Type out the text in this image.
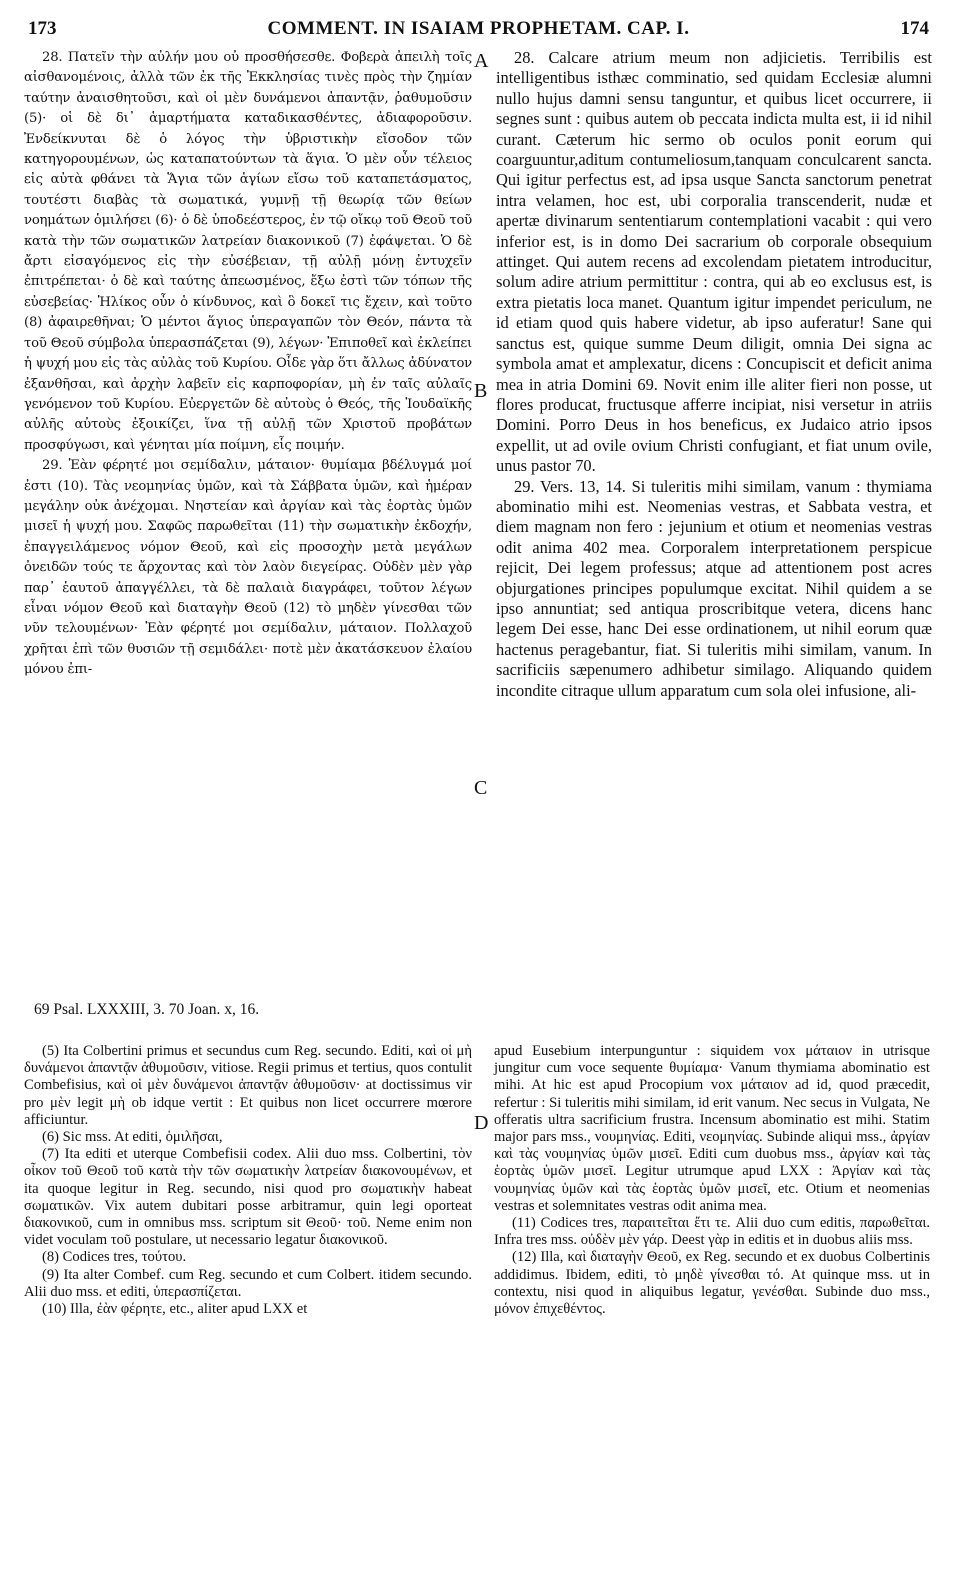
173	COMMENT. IN ISAIAM PROPHETAM. CAP. I.	174

28. Πατεῖν τὴν αὐλήν μου οὐ προσθήσεσθε. Φοβερὰ ἀπειλὴ τοῖς αἰσθανομένοις, ἀλλὰ τῶν ἐκ τῆς Ἐκκλησίας τινὲς πρὸς τὴν ζημίαν ταύτην ἀναισθητοῦσι, καὶ οἱ μὲν δυνάμενοι ἀπαντᾷν, ῥαθυμοῦσιν (5)· οἱ δὲ δι᾽ ἁμαρτήματα καταδικασθέντες, ἀδιαφοροῦσιν. Ἐνδείκνυται δὲ ὁ λόγος τὴν ὑβριστικὴν εἴσοδον τῶν κατηγορουμένων, ὡς καταπατούντων τὰ ἅγια. Ὁ μὲν οὖν τέλειος εἰς αὐτὰ φθάνει τὰ Ἅγια τῶν ἁγίων εἴσω τοῦ καταπετάσματος, τουτέστι διαβὰς τὰ σωματικά, γυμνῇ τῇ θεωρίᾳ τῶν θείων νοημάτων ὁμιλήσει (6)· ὁ δὲ ὑποδεέστερος, ἐν τῷ οἴκῳ τοῦ Θεοῦ τοῦ κατὰ τὴν τῶν σωματικῶν λατρείαν διακονικοῦ (7) ἐφάψεται. Ὁ δὲ ἄρτι εἰσαγόμενος εἰς τὴν εὐσέβειαν, τῇ αὐλῇ μόνῃ ἐντυχεῖν ἐπιτρέπεται· ὁ δὲ καὶ ταύτης ἀπεωσμένος, ἔξω ἐστὶ τῶν τόπων τῆς εὐσεβείας· Ἡλίκος οὖν ὁ κίνδυνος, καὶ ὃ δοκεῖ τις ἔχειν, καὶ τοῦτο (8) ἀφαιρεθῆναι; Ὁ μέντοι ἅγιος ὑπεραγαπῶν τὸν Θεόν, πάντα τὰ τοῦ Θεοῦ σύμβολα ὑπερασπάζεται (9), λέγων· Ἐπιποθεῖ καὶ ἐκλείπει ἡ ψυχή μου εἰς τὰς αὐλὰς τοῦ Κυρίου. Οἶδε γὰρ ὅτι ἄλλως ἀδύνατον ἐξανθῆσαι, καὶ ἀρχὴν λαβεῖν εἰς καρποφορίαν, μὴ ἐν ταῖς αὐλαῖς γενόμενον τοῦ Κυρίου. Εὐεργετῶν δὲ αὐτοὺς ὁ Θεός, τῆς Ἰουδαϊκῆς αὐλῆς αὐτοὺς ἐξοικίζει, ἵνα τῇ αὐλῇ τῶν Χριστοῦ προβάτων προσφύγωσι, καὶ γένηται μία ποίμνη, εἷς ποιμήν.

29. Ἐὰν φέρητέ μοι σεμίδαλιν, μάταιον· θυμίαμα βδέλυγμά μοί ἐστι (10). Τὰς νεομηνίας ὑμῶν, καὶ τὰ Σάββατα ὑμῶν, καὶ ἡμέραν μεγάλην οὐκ ἀνέχομαι. Νηστείαν καὶ ἀργίαν καὶ τὰς ἑορτὰς ὑμῶν μισεῖ ἡ ψυχή μου. Σαφῶς παρωθεῖται (11) τὴν σωματικὴν ἐκδοχήν, ἐπαγγειλάμενος νόμον Θεοῦ, καὶ εἰς προσοχὴν μετὰ μεγάλων ὀνειδῶν τούς τε ἄρχοντας καὶ τὸν λαὸν διεγείρας. Οὐδὲν μὲν γὰρ παρ᾽ ἑαυτοῦ ἀπαγγέλλει, τὰ δὲ παλαιὰ διαγράφει, τοῦτον λέγων εἶναι νόμον Θεοῦ καὶ διαταγὴν Θεοῦ (12) τὸ μηδὲν γίνεσθαι τῶν νῦν τελουμένων· Ἐὰν φέρητέ μοι σεμίδαλιν, μάταιον. Πολλαχοῦ χρῆται ἐπὶ τῶν θυσιῶν τῇ σεμιδάλει· ποτὲ μὲν ἀκατάσκευον ἐλαίου μόνου ἐπι-

A
B
C
D

28. Calcare atrium meum non adjicietis. Terribilis est intelligentibus isthæc comminatio, sed quidam Ecclesiæ alumni nullo hujus damni sensu tanguntur, et quibus licet occurrere, ii segnes sunt : quibus autem ob peccata indicta multa est, ii id nihil curant. Cæterum hic sermo ob oculos ponit eorum qui coarguuntur,aditum contumeliosum,tanquam conculcarent sancta. Qui igitur perfectus est, ad ipsa usque Sancta sanctorum penetrat intra velamen, hoc est, ubi corporalia transcenderit, nudæ et apertæ divinarum sententiarum contemplationi vacabit : qui vero inferior est, is in domo Dei sacrarium ob corporale obsequium attinget. Qui autem recens ad excolendam pietatem introducitur, solum adire atrium permittitur : contra, qui ab eo exclusus est, is extra pietatis loca manet. Quantum igitur impendet periculum, ne id etiam quod quis habere videtur, ab ipso auferatur! Sane qui sanctus est, quique summe Deum diligit, omnia Dei signa ac symbola amat et amplexatur, dicens : Concupiscit et deficit anima mea in atria Domini 69. Novit enim ille aliter fieri non posse, ut flores producat, fructusque afferre incipiat, nisi versetur in atriis Domini. Porro Deus in hos beneficus, ex Judaico atrio ipsos expellit, ut ad ovile ovium Christi confugiant, et fiat unum ovile, unus pastor 70.

29. Vers. 13, 14. Si tuleritis mihi similam, vanum : thymiama abominatio mihi est. Neomenias vestras, et Sabbata vestra, et diem magnam non fero : jejunium et otium et neomenias vestras odit anima 402 mea. Corporalem interpretationem perspicue rejicit, Dei legem professus; atque ad attentionem post acres objurgationes principes populumque excitat. Nihil quidem a se ipso annuntiat; sed antiqua proscribitque vetera, dicens hanc legem Dei esse, hanc Dei esse ordinationem, ut nihil eorum quæ hactenus peragebantur, fiat. Si tuleritis mihi similam, vanum. In sacrificiis sæpenumero adhibetur similago. Aliquando quidem incondite citraque ullum apparatum cum sola olei infusione, ali-

69 Psal. LXXXIII, 3. 70 Joan. x, 16.

(5) Ita Colbertini primus et secundus cum Reg. secundo. Editi, καὶ οἱ μὴ δυνάμενοι ἀπαντᾷν ἀθυμοῦσιν, vitiose. Regii primus et tertius, quos contulit Combefisius, καὶ οἱ μὲν δυνάμενοι ἀπαντᾷν ἀθυμοῦσιν· at doctissimus vir pro μὲν legit μὴ ob idque vertit : Et quibus non licet occurrere mœrore afficiuntur.

(6) Sic mss. At editi, ὁμιλῆσαι,

(7) Ita editi et uterque Combefisii codex. Alii duo mss. Colbertini, τὸν οἶκον τοῦ Θεοῦ τοῦ κατὰ τὴν τῶν σωματικὴν λατρείαν διακονουμένων, et ita quoque legitur in Reg. secundo, nisi quod pro σωματικὴν habeat σωματικῶν. Vix autem dubitari posse arbitramur, quin legi oporteat διακονικοῦ, cum in omnibus mss. scriptum sit Θεοῦ· τοῦ. Neme enim non videt voculam τοῦ postulare, ut necessario legatur διακονικοῦ.

(8) Codices tres, τούτου.

(9) Ita alter Combef. cum Reg. secundo et cum Colbert. itidem secundo. Alii duo mss. et editi, ὑπερασπίζεται.

(10) Illa, ἐὰν φέρητε, etc., aliter apud LXX et

apud Eusebium interpunguntur : siquidem vox μάταιον in utrisque jungitur cum voce sequente θυμίαμα· Vanum thymiama abominatio est mihi. At hic est apud Procopium vox μάταιον ad id, quod præcedit, refertur : Si tuleritis mihi similam, id erit vanum. Nec secus in Vulgata, Ne offeratis ultra sacrificium frustra. Incensum abominatio est mihi. Statim major pars mss., νουμηνίας. Editi, νεομηνίας. Subinde aliqui mss., ἀργίαν καὶ τὰς νουμηνίας ὑμῶν μισεῖ. Editi cum duobus mss., ἀργίαν καὶ τὰς ἑορτὰς ὑμῶν μισεῖ. Legitur utrumque apud LXX : Ἀργίαν καὶ τὰς νουμηνίας ὑμῶν καὶ τὰς ἑορτὰς ὑμῶν μισεῖ, etc. Otium et neomenias vestras et solemnitates vestras odit anima mea.

(11) Codices tres, παραιτεῖται ἔτι τε. Alii duo cum editis, παρωθεῖται. Infra tres mss. οὐδὲν μὲν γάρ. Deest γὰρ in editis et in duobus aliis mss.

(12) Illa, καὶ διαταγὴν Θεοῦ, ex Reg. secundo et ex duobus Colbertinis addidimus. Ibidem, editi, τὸ μηδὲ γίνεσθαι τό. At quinque mss. ut in contextu, nisi quod in aliquibus legatur, γενέσθαι. Subinde duo mss., μόνον ἐπιχεθέντος.
